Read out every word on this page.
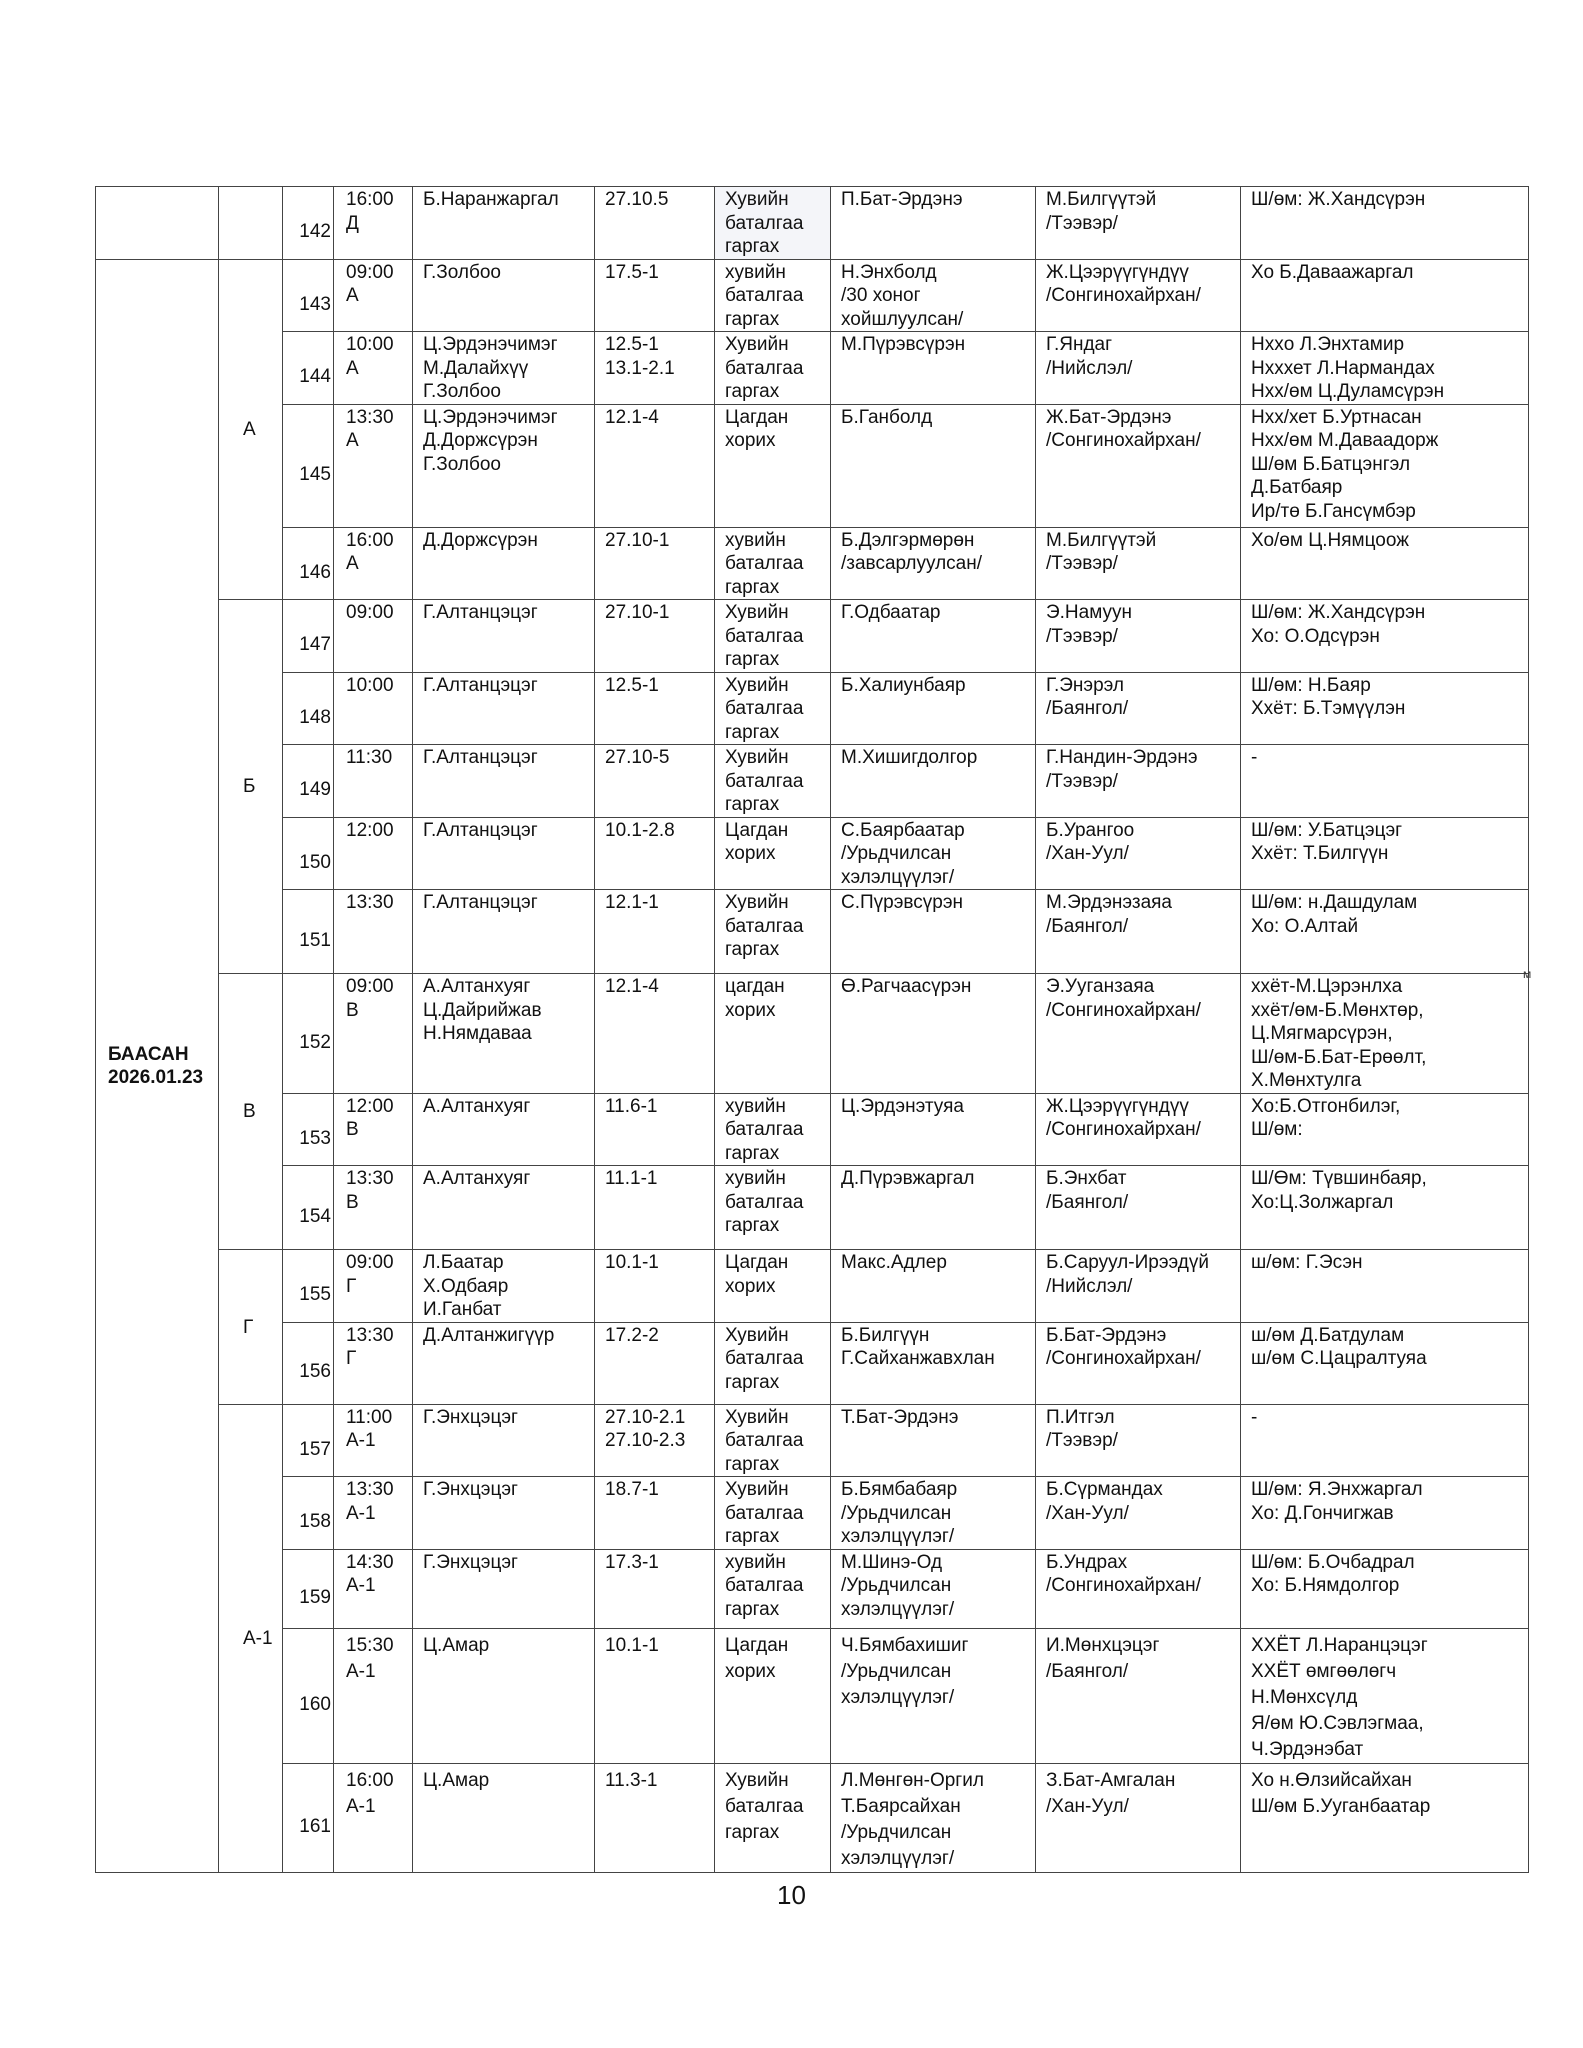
		142	16:00
Д	Б.Наранжаргал	27.10.5	Хувийн
баталгаа
гаргах	П.Бат-Эрдэнэ	М.Билгүүтэй
/Тээвэр/	Ш/өм: Ж.Хандсүрэн

БААСАН
2026.01.23	А	143	09:00
А	Г.Золбоо	17.5-1	хувийн
баталгаа
гаргах	Н.Энхболд
/30 хоног
хойшлуулсан/	Ж.Цээрүүгүндүү
/Сонгинохайрхан/	Хо Б.Даваажаргал

		144	10:00
А	Ц.Эрдэнэчимэг
М.Далайхүү
Г.Золбоо	12.5-1
13.1-2.1	Хувийн
баталгаа
гаргах	М.Пүрэвсүрэн	Г.Яндаг
/Нийслэл/	Нхxo Л.Энхтамир
Нхххет Л.Нармандах
Нхх/өм Ц.Дуламсүрэн

		145	13:30
А	Ц.Эрдэнэчимэг
Д.Доржсүрэн
Г.Золбоо	12.1-4	Цагдан
хорих	Б.Ганболд	Ж.Бат-Эрдэнэ
/Сонгинохайрхан/	Нхх/хет Б.Уртнасан
Нхх/өм М.Даваадорж
Ш/өм Б.Батцэнгэл
Д.Батбаяр
Ир/тө Б.Гансүмбэр

		146	16:00
А	Д.Доржсүрэн	27.10-1	хувийн
баталгаа
гаргах	Б.Дэлгэрмөрөн
/завсарлуулсан/	М.Билгүүтэй
/Тээвэр/	Хо/өм Ц.Нямцоож

	Б	147	09:00	Г.Алтанцэцэг	27.10-1	Хувийн
баталгаа
гаргах	Г.Одбаатар	Э.Намуун
/Тээвэр/	Ш/өм: Ж.Хандсүрэн
Хо: О.Одсүрэн

		148	10:00	Г.Алтанцэцэг	12.5-1	Хувийн
баталгаа
гаргах	Б.Халиунбаяр	Г.Энэрэл
/Баянгол/	Ш/өм: Н.Баяр
Ххёт: Б.Тэмүүлэн

		149	11:30	Г.Алтанцэцэг	27.10-5	Хувийн
баталгаа
гаргах	М.Хишигдолгор	Г.Нандин-Эрдэнэ
/Тээвэр/	-

		150	12:00	Г.Алтанцэцэг	10.1-2.8	Цагдан
хорих	С.Баярбаатар
/Урьдчилсан
хэлэлцүүлэг/	Б.Урангоо
/Хан-Уул/	Ш/өм: У.Батцэцэг
Ххёт: Т.Билгүүн

		151	13:30	Г.Алтанцэцэг	12.1-1	Хувийн
баталгаа
гаргах	С.Пүрэвсүрэн	М.Эрдэнэзаяа
/Баянгол/	Ш/өм: н.Дашдулам
Хо: О.Алтай

	В	152	09:00
В	А.Алтанхуяг
Ц.Дайрийжав
Н.Нямдаваа	12.1-4	цагдан
хорих	Ө.Рагчаасүрэн	Э.Ууганзаяа
/Сонгинохайрхан/	ххёт-М.Цэрэнлха
ххёт/өм-Б.Мөнхтөр,
Ц.Мягмарсүрэн,
Ш/өм-Б.Бат-Ерөөлт,
Х.Мөнхтулга

		153	12:00
В	А.Алтанхуяг	11.6-1	хувийн
баталгаа
гаргах	Ц.Эрдэнэтуяа	Ж.Цээрүүгүндүү
/Сонгинохайрхан/	Хо:Б.Отгонбилэг,
Ш/өм:

		154	13:30
В	А.Алтанхуяг	11.1-1	хувийн
баталгаа
гаргах	Д.Пүрэвжаргал	Б.Энхбат
/Баянгол/	Ш/Өм: Түвшинбаяр,
Хо:Ц.Золжаргал

	Г	155	09:00
Г	Л.Баатар
Х.Одбаяр
И.Ганбат	10.1-1	Цагдан
хорих	Макс.Адлер	Б.Саруул-Ирээдүй
/Нийслэл/	ш/өм: Г.Эсэн

		156	13:30
Г	Д.Алтанжигүүр	17.2-2	Хувийн
баталгаа
гаргах	Б.Билгүүн
Г.Сайханжавхлан	Б.Бат-Эрдэнэ
/Сонгинохайрхан/	ш/өм Д.Батдулам
ш/өм С.Цацралтуяа

	А-1	157	11:00
А-1	Г.Энхцэцэг	27.10-2.1
27.10-2.3	Хувийн
баталгаа
гаргах	Т.Бат-Эрдэнэ	П.Итгэл
/Тээвэр/	-

		158	13:30
А-1	Г.Энхцэцэг	18.7-1	Хувийн
баталгаа
гаргах	Б.Бямбабаяр
/Урьдчилсан
хэлэлцүүлэг/	Б.Сүрмандах
/Хан-Уул/	Ш/өм: Я.Энхжаргал
Хо: Д.Гончигжав

		159	14:30
А-1	Г.Энхцэцэг	17.3-1	хувийн
баталгаа
гаргах	М.Шинэ-Од
/Урьдчилсан
хэлэлцүүлэг/	Б.Ундрах
/Сонгинохайрхан/	Ш/өм: Б.Очбадрал
Хо: Б.Нямдолгор

		160	15:30
А-1	Ц.Амар	10.1-1	Цагдан
хорих	Ч.Бямбахишиг
/Урьдчилсан
хэлэлцүүлэг/	И.Мөнхцэцэг
/Баянгол/	ХХЁТ Л.Наранцэцэг
ХХЁТ өмгөөлөгч
Н.Мөнхсүлд
Я/өм Ю.Сэвлэгмаа,
Ч.Эрдэнэбат

		161	16:00
А-1	Ц.Амар	11.3-1	Хувийн
баталгаа
гаргах	Л.Мөнгөн-Оргил
Т.Баярсайхан
/Урьдчилсан
хэлэлцүүлэг/	З.Бат-Амгалан
/Хан-Уул/	Хо н.Өлзийсайхан
Ш/өм Б.Ууганбаатар
м
10
